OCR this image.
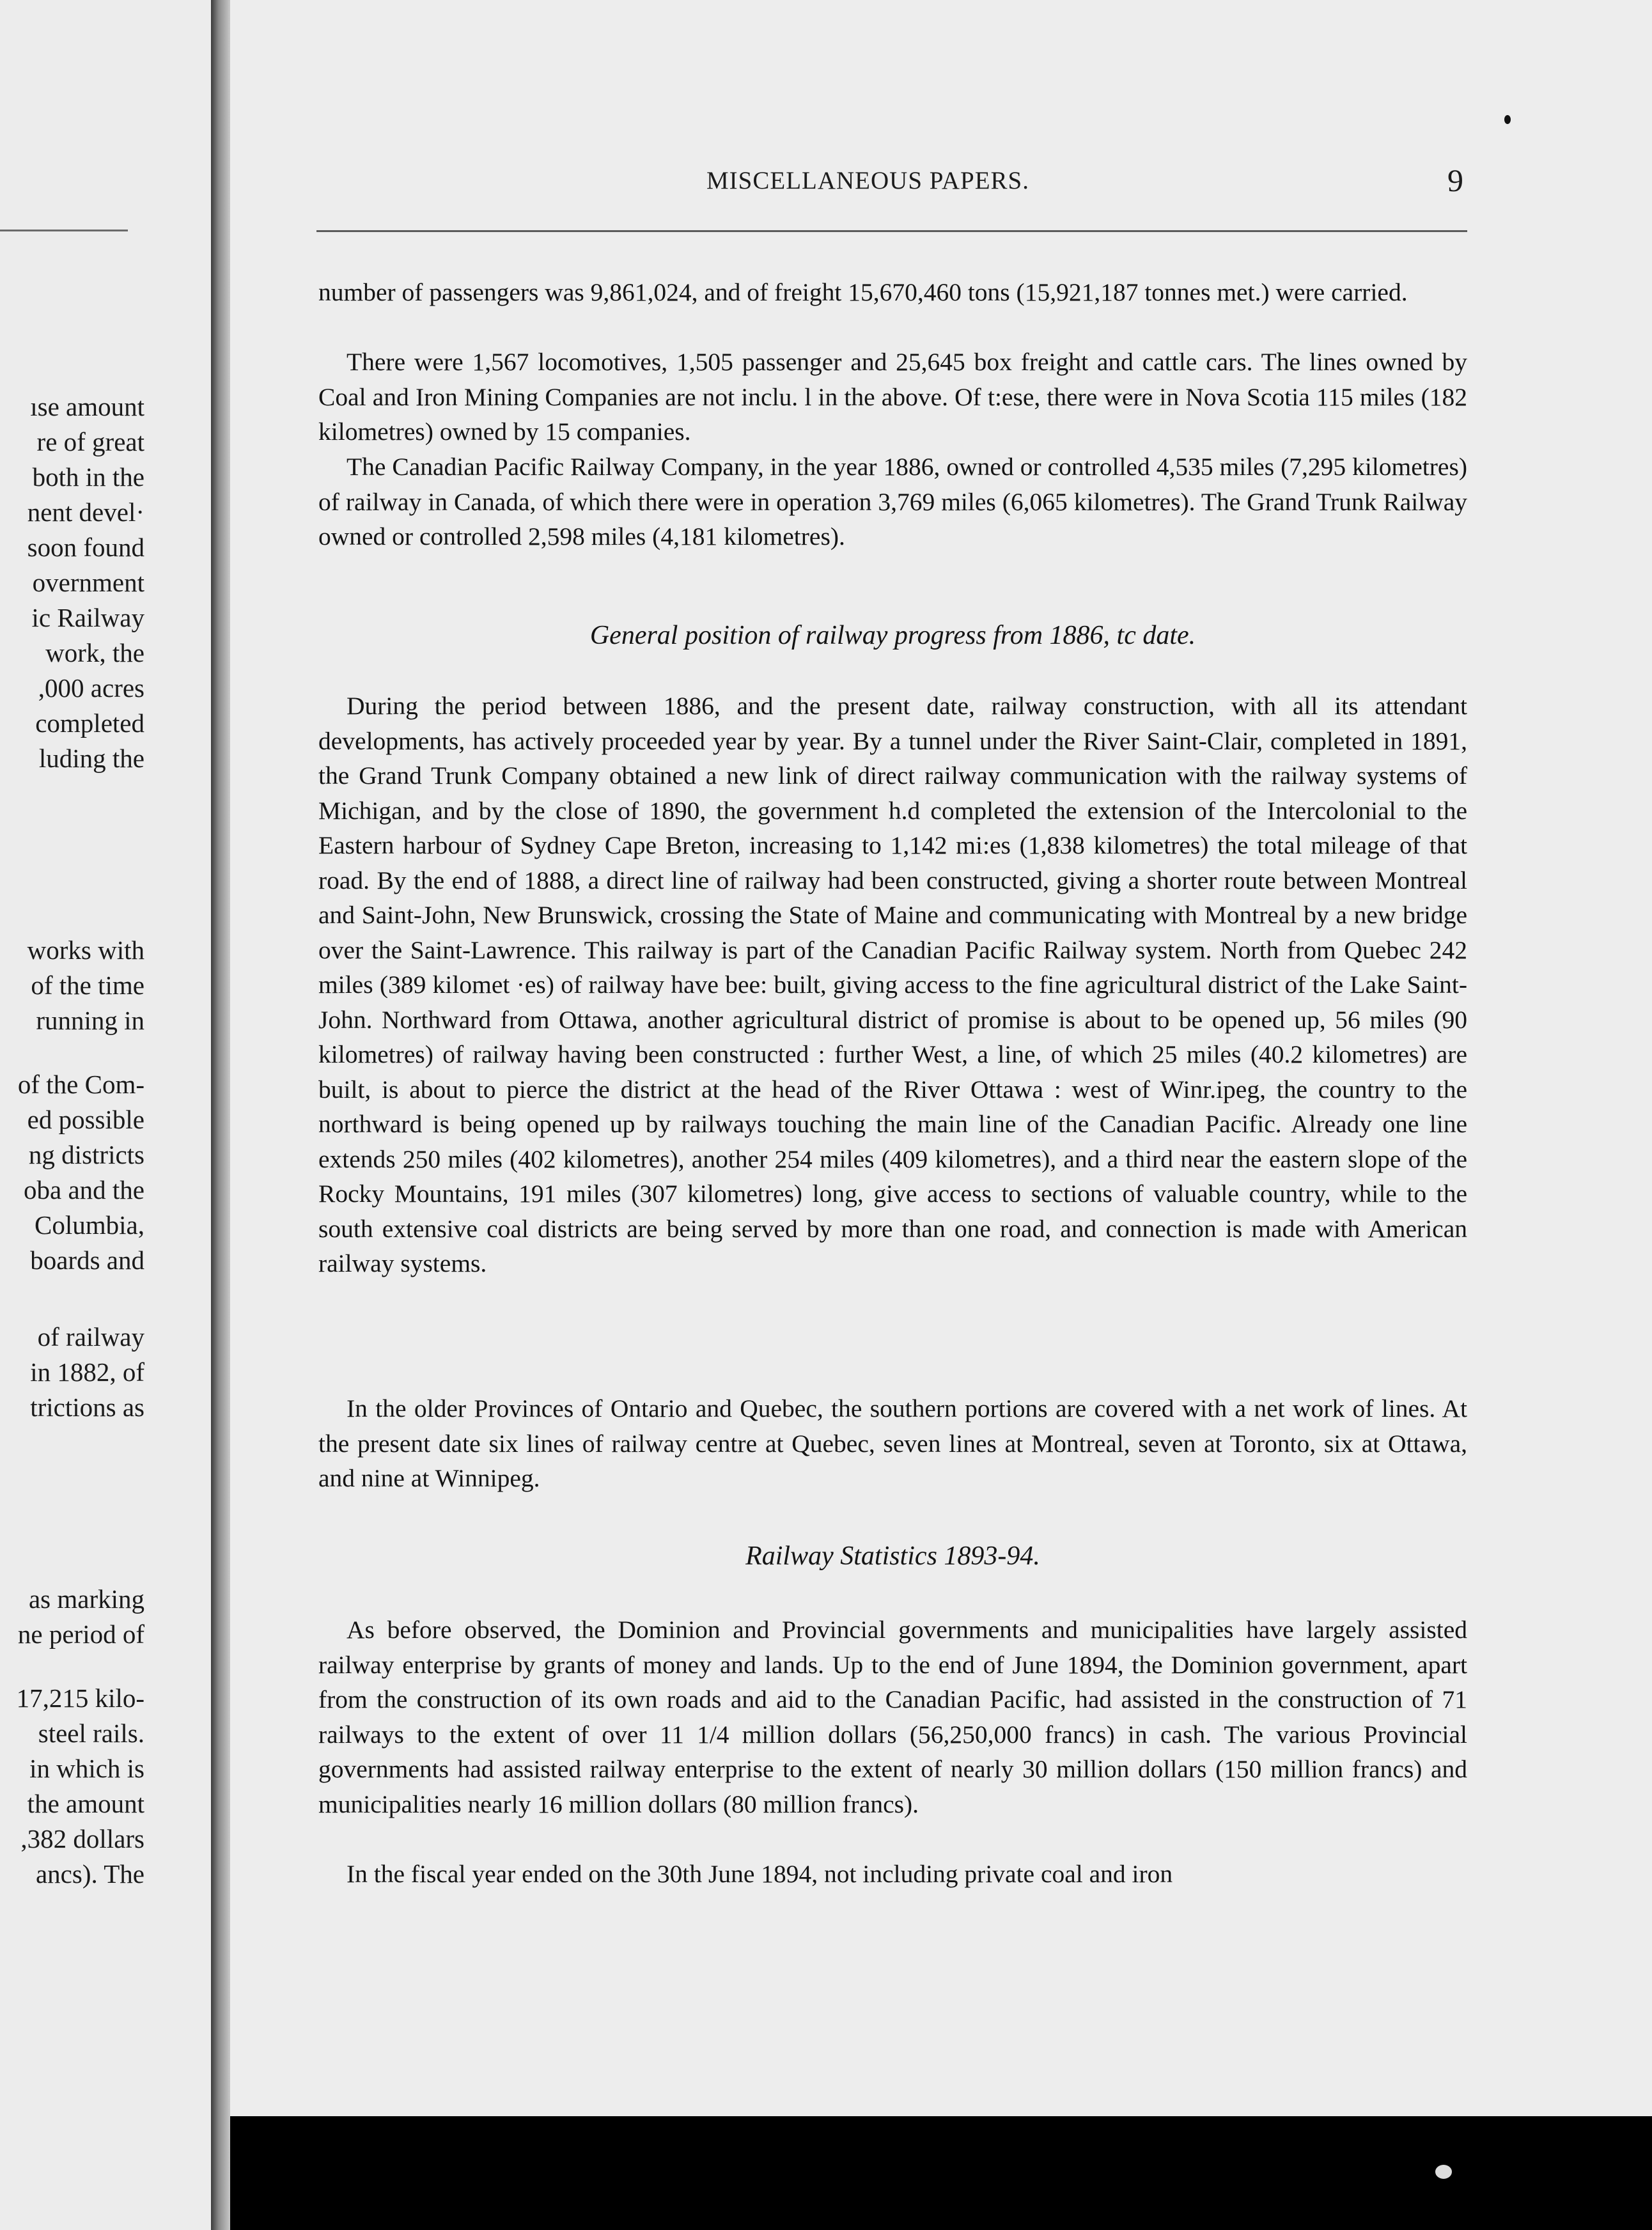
ıse amount
re of great
both in the
nent devel·
soon found
overnment
ic Railway
work, the
,000 acres
completed
luding the
works with
of the time
running in
of the Com-
ed possible
ng districts
oba and the
Columbia,
boards and
of railway
in 1882, of
trictions as
as marking
ne period of
17,215 kilo-
steel rails.
in which is
the amount
,382 dollars
ancs). The
MISCELLANEOUS PAPERS.	9

number of passengers was 9,861,024, and of freight 15,670,460 tons (15,921,187 tonnes met.) were carried.

There were 1,567 locomotives, 1,505 passenger and 25,645 box freight and cattle cars. The lines owned by Coal and Iron Mining Companies are not inclu. l in the above. Of t:ese, there were in Nova Scotia 115 miles (182 kilometres) owned by 15 companies.

The Canadian Pacific Railway Company, in the year 1886, owned or controlled 4,535 miles (7,295 kilometres) of railway in Canada, of which there were in operation 3,769 miles (6,065 kilometres). The Grand Trunk Railway owned or controlled 2,598 miles (4,181 kilometres).

General position of railway progress from 1886, tc date.

During the period between 1886, and the present date, railway construction, with all its attendant developments, has actively proceeded year by year. By a tunnel under the River Saint-Clair, completed in 1891, the Grand Trunk Company obtained a new link of direct railway communication with the railway systems of Michigan, and by the close of 1890, the government h.d completed the extension of the Intercolonial to the Eastern harbour of Sydney Cape Breton, increasing to 1,142 mi:es (1,838 kilometres) the total mileage of that road. By the end of 1888, a direct line of railway had been constructed, giving a shorter route between Montreal and Saint-John, New Brunswick, crossing the State of Maine and communicating with Montreal by a new bridge over the Saint-Lawrence. This railway is part of the Canadian Pacific Railway system. North from Quebec 242 miles (389 kilomet ·es) of railway have bee: built, giving access to the fine agricultural district of the Lake Saint-John. Northward from Ottawa, another agricultural district of promise is about to be opened up, 56 miles (90 kilometres) of railway having been constructed : further West, a line, of which 25 miles (40.2 kilometres) are built, is about to pierce the district at the head of the River Ottawa : west of Winr.ipeg, the country to the northward is being opened up by railways touching the main line of the Canadian Pacific. Already one line extends 250 miles (402 kilometres), another 254 miles (409 kilometres), and a third near the eastern slope of the Rocky Mountains, 191 miles (307 kilometres) long, give access to sections of valuable country, while to the south extensive coal districts are being served by more than one road, and connection is made with American railway systems.

In the older Provinces of Ontario and Quebec, the southern portions are covered with a net work of lines. At the present date six lines of railway centre at Quebec, seven lines at Montreal, seven at Toronto, six at Ottawa, and nine at Winnipeg.

Railway Statistics 1893-94.

As before observed, the Dominion and Provincial governments and municipalities have largely assisted railway enterprise by grants of money and lands. Up to the end of June 1894, the Dominion government, apart from the construction of its own roads and aid to the Canadian Pacific, had assisted in the construction of 71 railways to the extent of over 11 1/4 million dollars (56,250,000 francs) in cash. The various Provincial governments had assisted railway enterprise to the extent of nearly 30 million dollars (150 million francs) and municipalities nearly 16 million dollars (80 million francs).

In the fiscal year ended on the 30th June 1894, not including private coal and iron
